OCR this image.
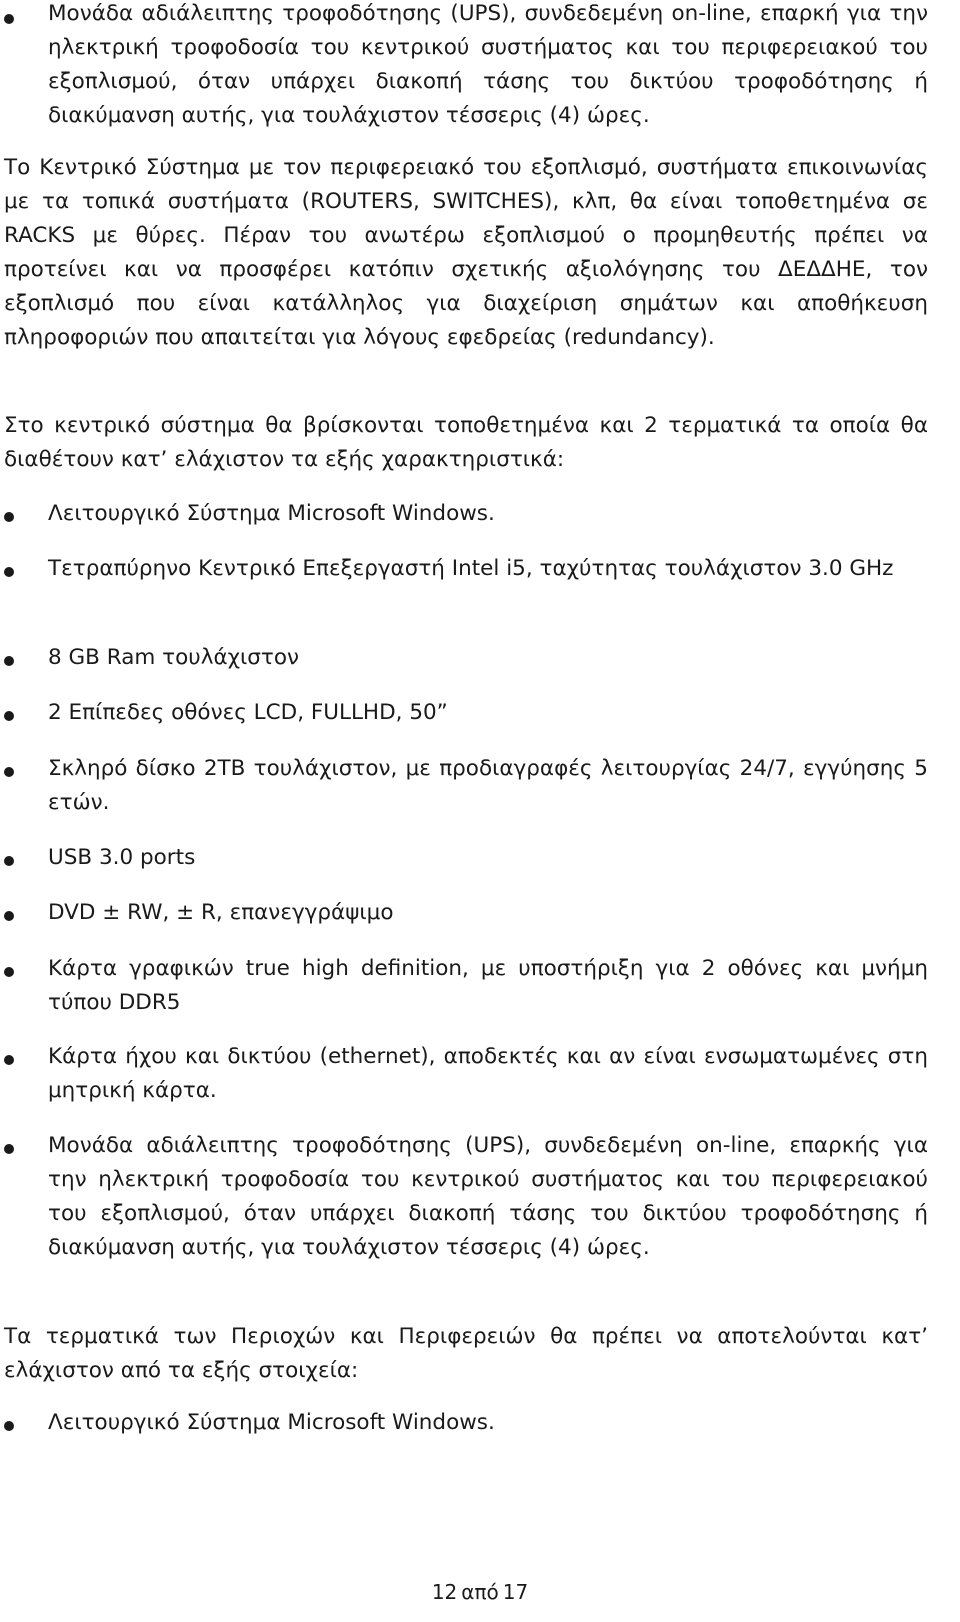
Μονάδα αδιάλειπτης τροφοδότησης (UPS), συνδεδεμένη on-line, επαρκή για την ηλεκτρική τροφοδοσία του κεντρικού συστήματος και του περιφερειακού του εξοπλισμού, όταν υπάρχει διακοπή τάσης του δικτύου τροφοδότησης ή διακύμανση αυτής, για τουλάχιστον τέσσερις (4) ώρες.

Το Κεντρικό Σύστημα με τον περιφερειακό του εξοπλισμό, συστήματα επικοινωνίας με τα τοπικά συστήματα (ROUTERS, SWITCHES), κλπ, θα είναι τοποθετημένα σε RACKS με θύρες. Πέραν του ανωτέρω εξοπλισμού ο προμηθευτής πρέπει να προτείνει και να προσφέρει κατόπιν σχετικής αξιολόγησης του ΔΕΔΔΗΕ, τον εξοπλισμό που είναι κατάλληλος για διαχείριση σημάτων και αποθήκευση πληροφοριών που απαιτείται για λόγους εφεδρείας (redundancy).

Στο κεντρικό σύστημα θα βρίσκονται τοποθετημένα και 2 τερματικά τα οποία θα διαθέτουν κατ’ ελάχιστον τα εξής χαρακτηριστικά:

Λειτουργικό Σύστημα Microsoft Windows.

Τετραπύρηνο Κεντρικό Επεξεργαστή Intel i5, ταχύτητας τουλάχιστον 3.0 GHz

8 GB Ram τουλάχιστον

2 Επίπεδες οθόνες LCD, FULLHD, 50”

Σκληρό δίσκο 2TB τουλάχιστον, με προδιαγραφές λειτουργίας 24/7, εγγύησης 5 ετών.

USB 3.0 ports

DVD ± RW, ± R, επανεγγράψιμο

Κάρτα γραφικών true high definition, με υποστήριξη για 2 οθόνες και μνήμη τύπου DDR5

Κάρτα ήχου και δικτύου (ethernet), αποδεκτές και αν είναι ενσωματωμένες στη μητρική κάρτα.

Μονάδα αδιάλειπτης τροφοδότησης (UPS), συνδεδεμένη on-line, επαρκής για την ηλεκτρική τροφοδοσία του κεντρικού συστήματος και του περιφερειακού του εξοπλισμού, όταν υπάρχει διακοπή τάσης του δικτύου τροφοδότησης ή διακύμανση αυτής, για τουλάχιστον τέσσερις (4) ώρες.

Τα τερματικά των Περιοχών και Περιφερειών θα πρέπει να αποτελούνται κατ’ ελάχιστον από τα εξής στοιχεία:

Λειτουργικό Σύστημα Microsoft Windows.

12 από 17
